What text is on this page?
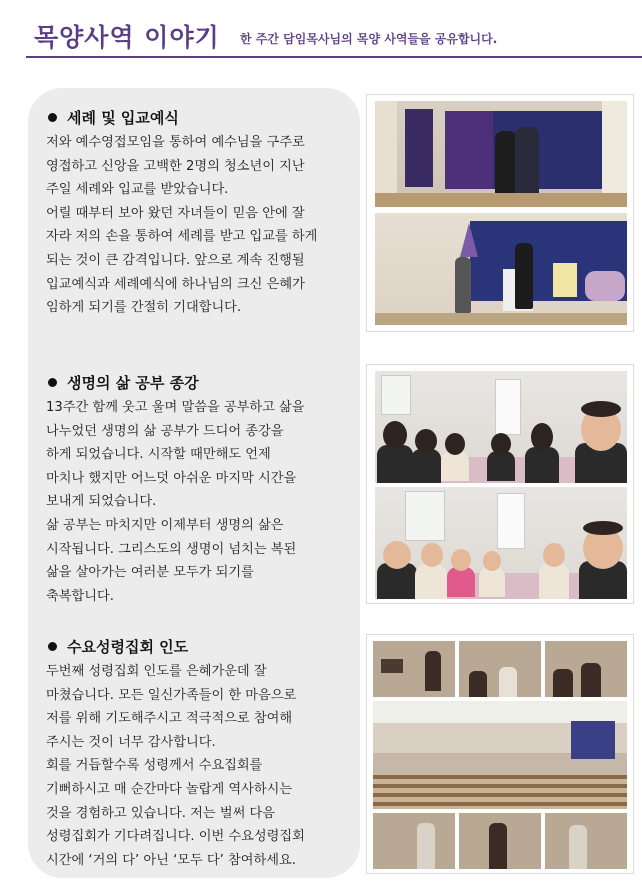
목양사역 이야기 한 주간 담임목사님의 목양 사역들을 공유합니다.
세례 및 입교예식

저와 예수영접모임을 통하여 예수님을 구주로

영접하고 신앙을 고백한 2명의 청소년이 지난

주일 세례와 입교를 받았습니다.

어릴 때부터 보아 왔던 자녀들이 믿음 안에 잘

자라 저의 손을 통하여 세례를 받고 입교를 하게

되는 것이 큰 감격입니다. 앞으로 계속 진행될

입교예식과 세례예식에 하나님의 크신 은혜가

임하게 되기를 간절히 기대합니다.

생명의 삶 공부 종강

13주간 함께 웃고 울며 말씀을 공부하고 삶을

나누었던 생명의 삶 공부가 드디어 종강을

하게 되었습니다. 시작할 때만해도 언제

마치나 했지만 어느덧 아쉬운 마지막 시간을

보내게 되었습니다.

삶 공부는 마치지만 이제부터 생명의 삶은

시작됩니다. 그리스도의 생명이 넘치는 복된

삶을 살아가는 여러분 모두가 되기를

축복합니다.

수요성령집회 인도

두번째 성령집회 인도를 은혜가운데 잘

마쳤습니다. 모든 일신가족들이 한 마음으로

저를 위해 기도해주시고 적극적으로 참여해

주시는 것이 너무 감사합니다.

회를 거듭할수록 성령께서 수요집회를

기뻐하시고 매 순간마다 놀랍게 역사하시는

것을 경험하고 있습니다. 저는 벌써 다음

성령집회가 기다려집니다. 이번 수요성령집회

시간에 ‘거의 다’ 아닌 ‘모두 다’ 참여하세요.
